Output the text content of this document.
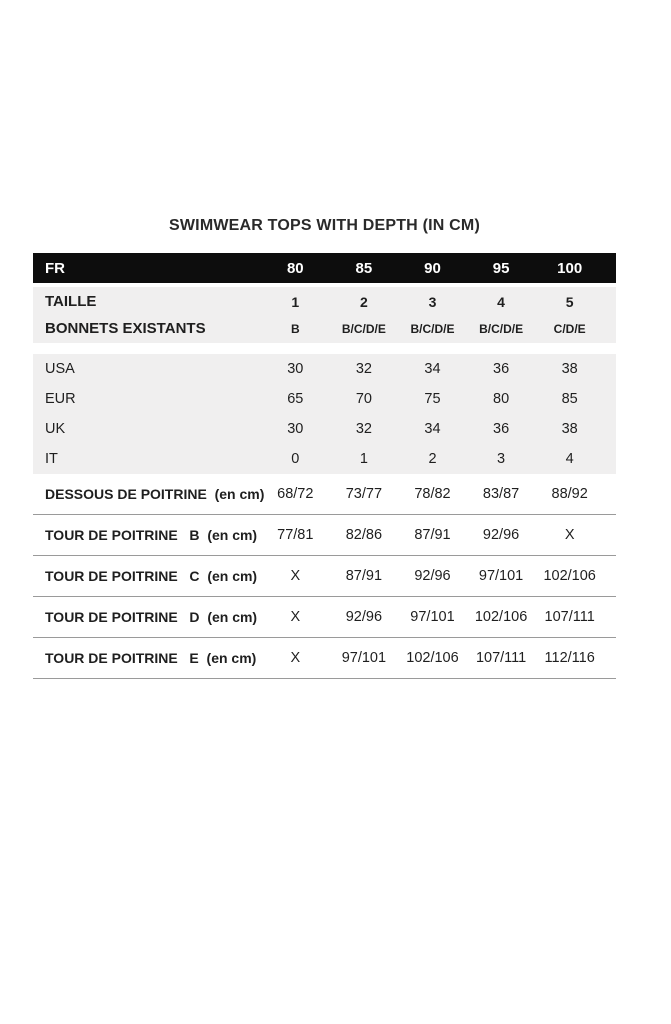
SWIMWEAR TOPS WITH DEPTH (IN CM)
FR	80	85	90	95	100
TAILLE	1	2	3	4	5
BONNETS EXISTANTS	B	B/C/D/E	B/C/D/E	B/C/D/E	C/D/E
USA	30	32	34	36	38
EUR	65	70	75	80	85
UK	30	32	34	36	38
IT	0	1	2	3	4
DESSOUS DE POITRINE  (en cm) 68/72	73/77	78/82	83/87	88/92
TOUR DE POITRINE   B  (en cm)	77/81	82/86	87/91	92/96	X
TOUR DE POITRINE   C  (en cm)	X	87/91	92/96	97/101	102/106
TOUR DE POITRINE   D  (en cm)	X	92/96	97/101	102/106	107/111
TOUR DE POITRINE   E  (en cm)	X	97/101	102/106	107/111	112/116
